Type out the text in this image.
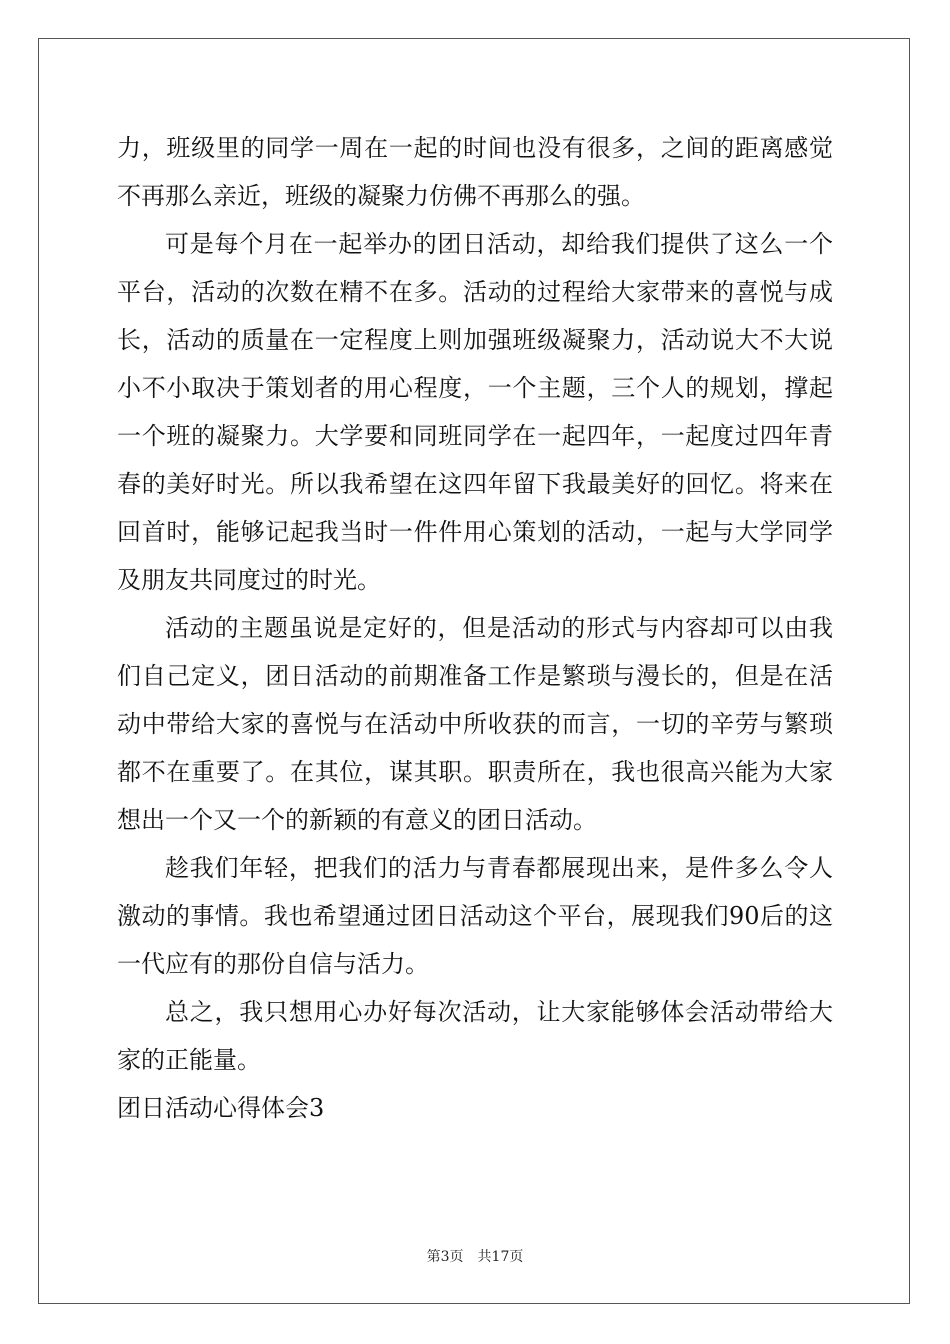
力，班级里的同学一周在一起的时间也没有很多，之间的距离感觉不再那么亲近，班级的凝聚力仿佛不再那么的强。

可是每个月在一起举办的团日活动，却给我们提供了这么一个平台，活动的次数在精不在多。活动的过程给大家带来的喜悦与成长，活动的质量在一定程度上则加强班级凝聚力，活动说大不大说小不小取决于策划者的用心程度，一个主题，三个人的规划，撑起一个班的凝聚力。大学要和同班同学在一起四年，一起度过四年青春的美好时光。所以我希望在这四年留下我最美好的回忆。将来在回首时，能够记起我当时一件件用心策划的活动，一起与大学同学及朋友共同度过的时光。

活动的主题虽说是定好的，但是活动的形式与内容却可以由我们自己定义，团日活动的前期准备工作是繁琐与漫长的，但是在活动中带给大家的喜悦与在活动中所收获的而言，一切的辛劳与繁琐都不在重要了。在其位，谋其职。职责所在，我也很高兴能为大家想出一个又一个的新颖的有意义的团日活动。

趁我们年轻，把我们的活力与青春都展现出来，是件多么令人激动的事情。我也希望通过团日活动这个平台，展现我们90后的这一代应有的那份自信与活力。

总之，我只想用心办好每次活动，让大家能够体会活动带给大家的正能量。

团日活动心得体会3

第3页 共17页
